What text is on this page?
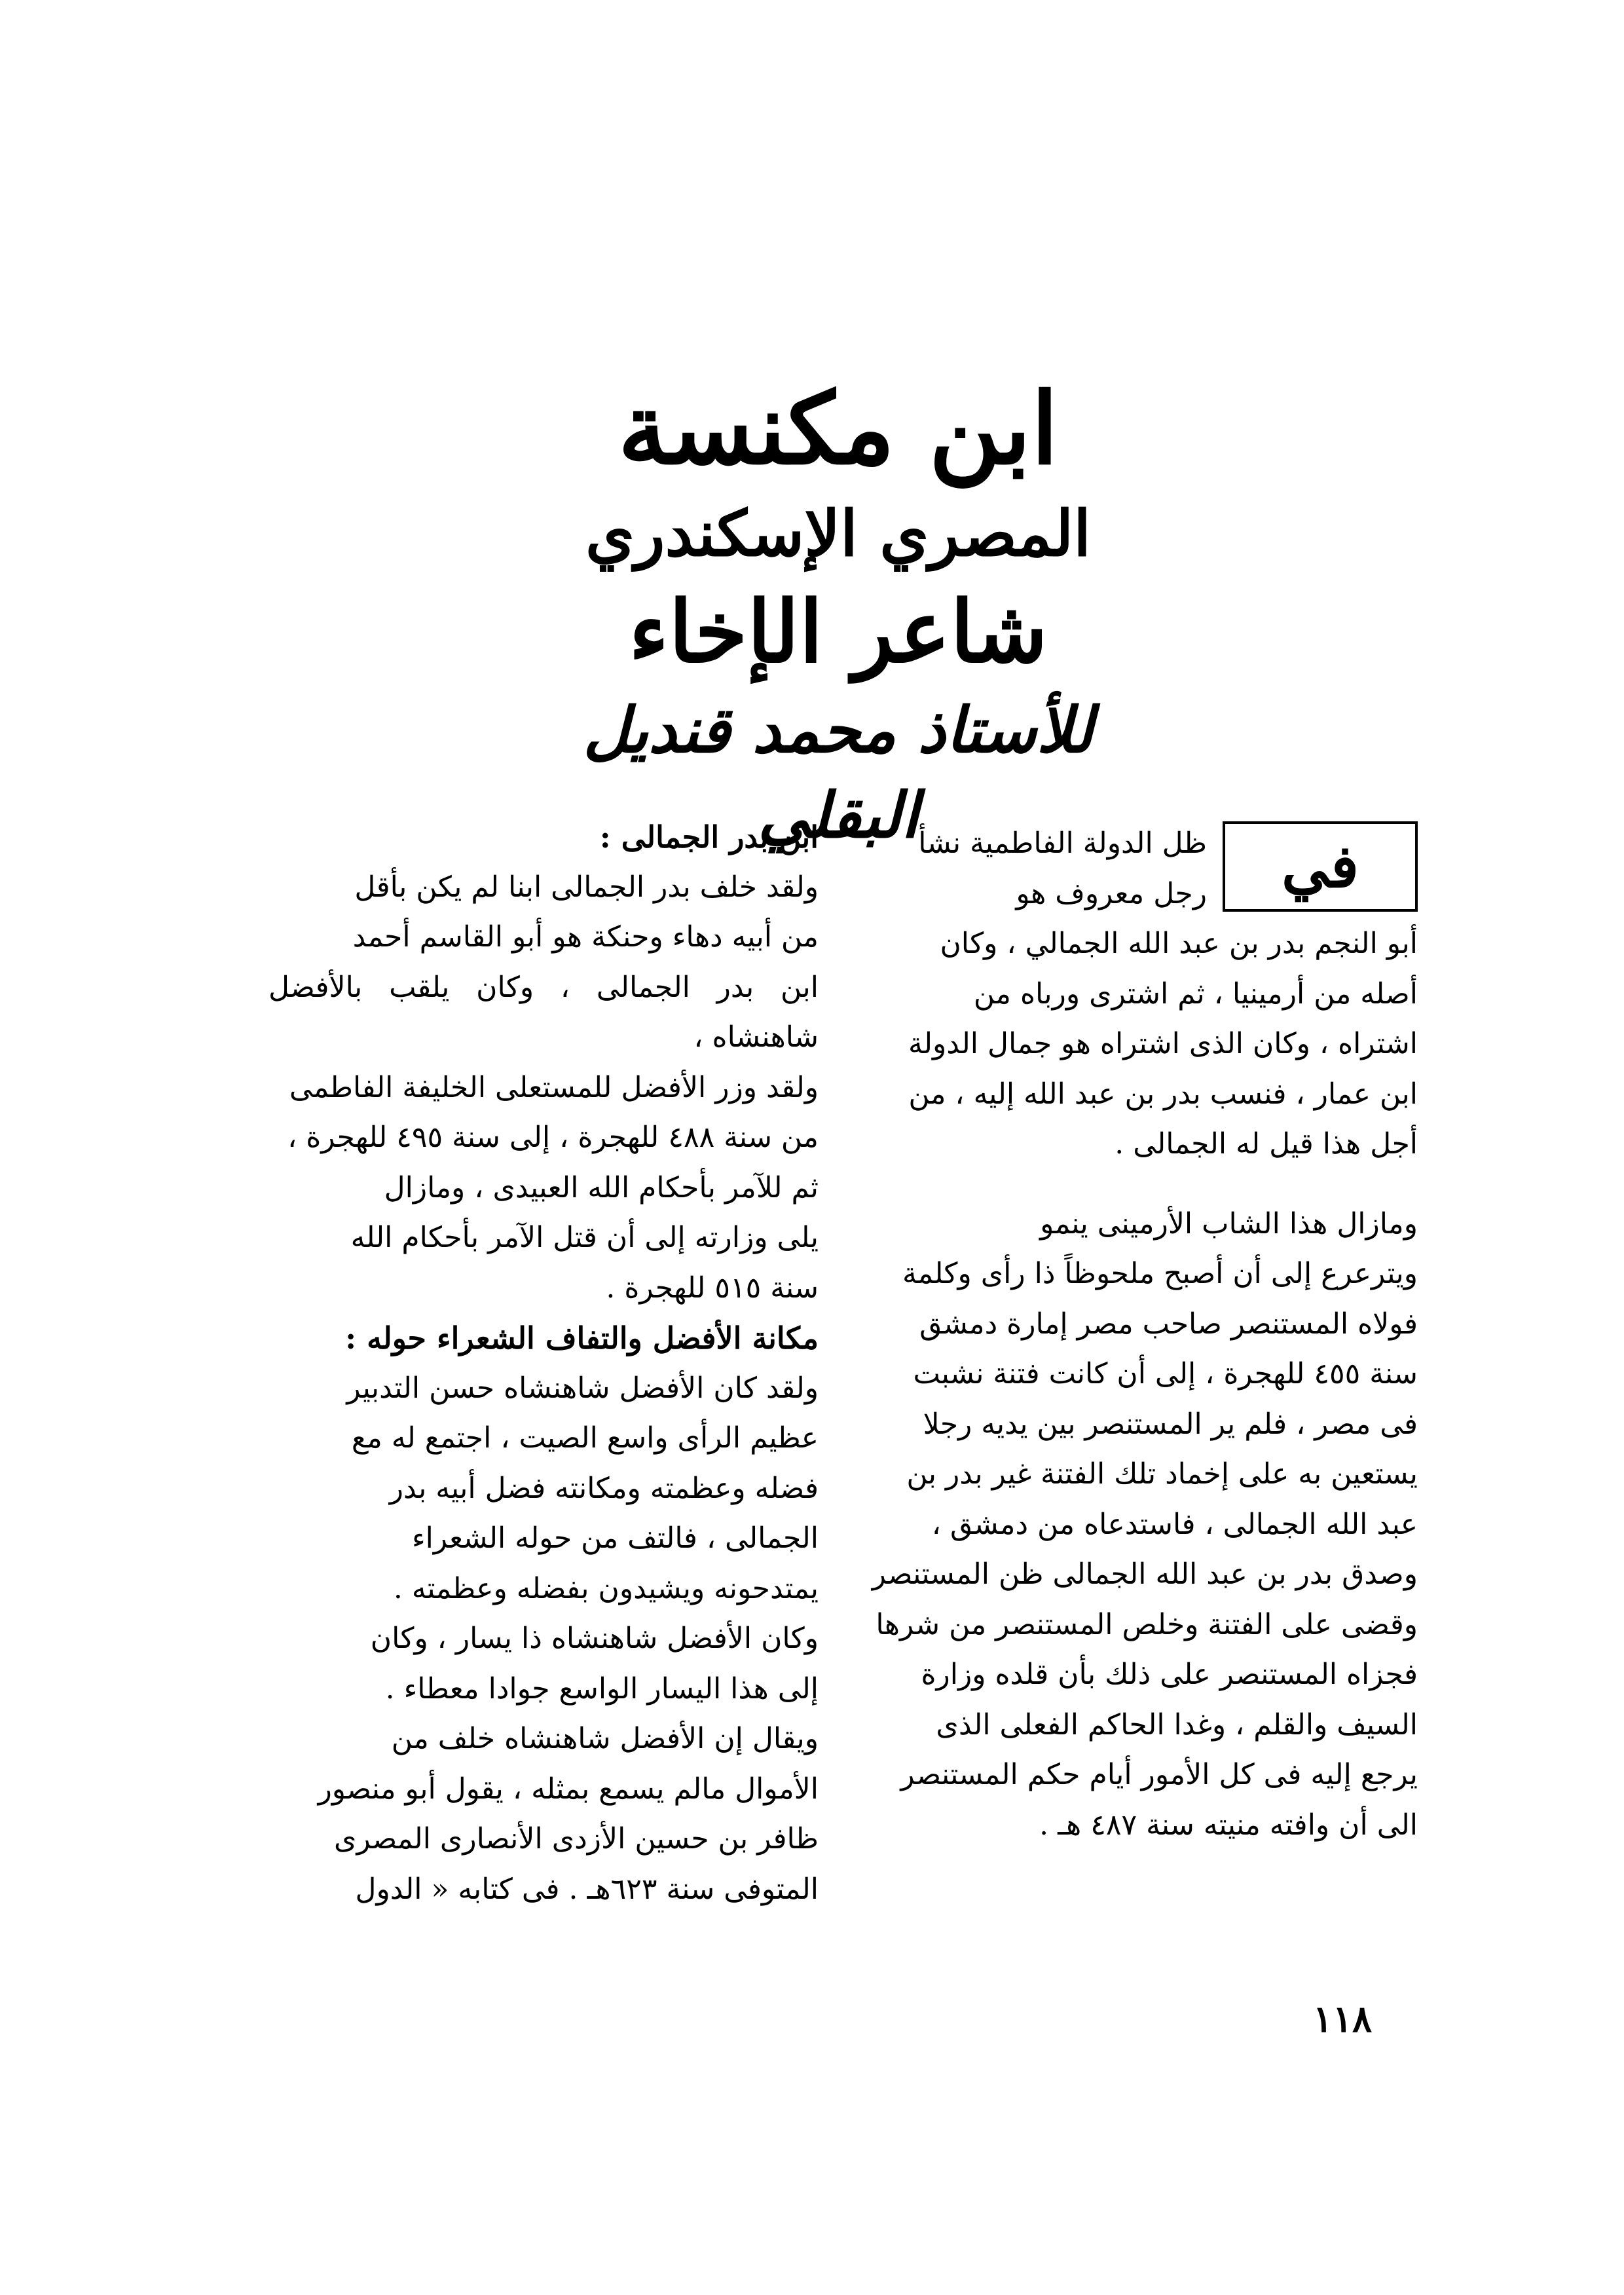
ابن مكنسة
المصري الإسكندري
شاعر الإخاء
للأستاذ محمد قنديل البقلي

في
ظل الدولة الفاطمية نشأ
رجل معروف هو
أبو النجم بدر بن عبد الله الجمالي ، وكان
أصله من أرمينيا ، ثم اشترى ورباه من
اشتراه ، وكان الذى اشتراه هو جمال الدولة
ابن عمار ، فنسب بدر بن عبد الله إليه ، من
أجل هذا قيل له الجمالى .

ومازال هذا الشاب الأرمينى ينمو
ويترعرع إلى أن أصبح ملحوظاً ذا رأى وكلمة
فولاه المستنصر صاحب مصر إمارة دمشق
سنة ٤٥٥ للهجرة ، إلى أن كانت فتنة نشبت
فى مصر ، فلم ير المستنصر بين يديه رجلا
يستعين به على إخماد تلك الفتنة غير بدر بن
عبد الله الجمالى ، فاستدعاه من دمشق ،
وصدق بدر بن عبد الله الجمالى ظن المستنصر
وقضى على الفتنة وخلص المستنصر من شرها
فجزاه المستنصر على ذلك بأن قلده وزارة
السيف والقلم ، وغدا الحاكم الفعلى الذى
يرجع إليه فى كل الأمور أيام حكم المستنصر
الى أن وافته منيته سنة ٤٨٧ هـ .

ابن بدر الجمالى :

ولقد خلف بدر الجمالى ابنا لم يكن بأقل
من أبيه دهاء وحنكة هو أبو القاسم أحمد
ابن بدر الجمالى ، وكان يلقب بالأفضل شاهنشاه ،
ولقد وزر الأفضل للمستعلى الخليفة الفاطمى
من سنة ٤٨٨ للهجرة ، إلى سنة ٤٩٥ للهجرة ،
ثم للآمر بأحكام الله العبيدى ، ومازال
يلى وزارته إلى أن قتل الآمر بأحكام الله
سنة ٥١٥ للهجرة .

مكانة الأفضل والتفاف الشعراء حوله :

ولقد كان الأفضل شاهنشاه حسن التدبير
عظيم الرأى واسع الصيت ، اجتمع له مع
فضله وعظمته ومكانته فضل أبيه بدر
الجمالى ، فالتف من حوله الشعراء
يمتدحونه ويشيدون بفضله وعظمته .

وكان الأفضل شاهنشاه ذا يسار ، وكان
إلى هذا اليسار الواسع جوادا معطاء .

ويقال إن الأفضل شاهنشاه خلف من
الأموال مالم يسمع بمثله ، يقول أبو منصور
ظافر بن حسين الأزدى الأنصارى المصرى
المتوفى سنة ٦٢٣هـ . فى كتابه « الدول

١١٨
